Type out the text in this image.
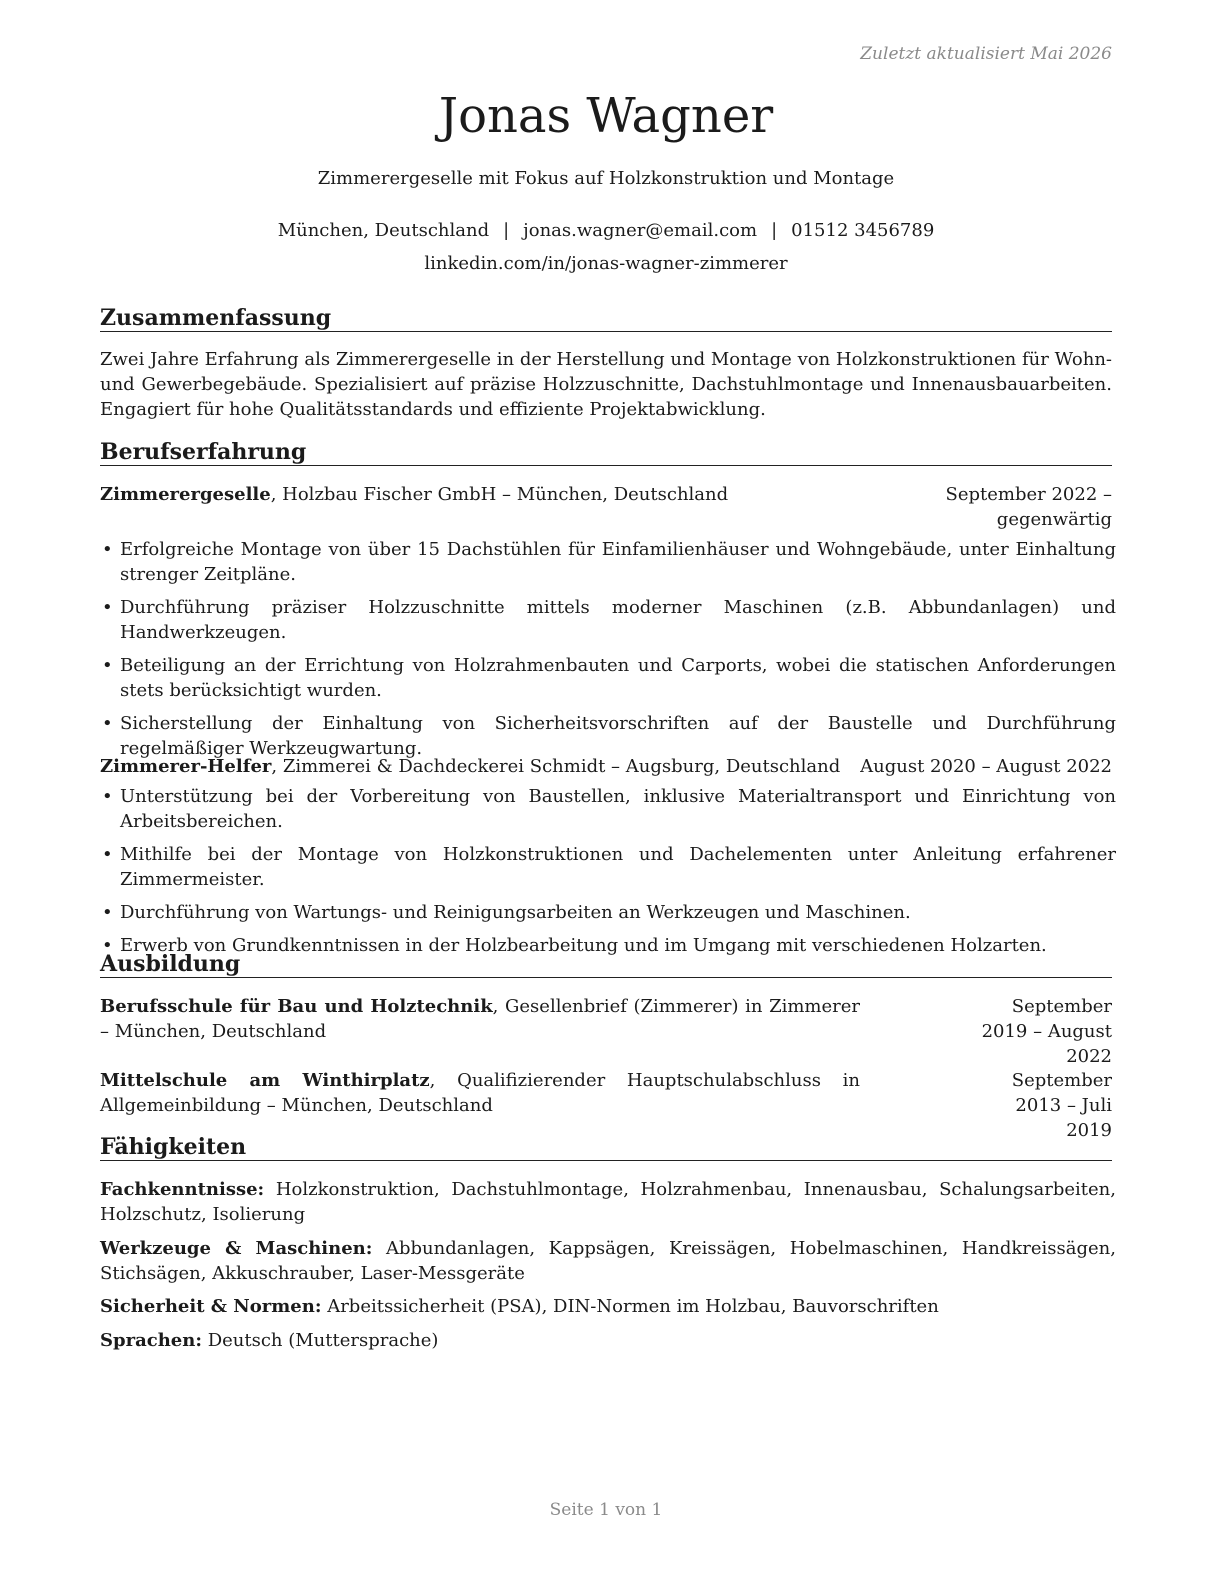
Zuletzt aktualisiert Mai 2026
Jonas Wagner
Zimmerergeselle mit Fokus auf Holzkonstruktion und Montage
München, Deutschland | jonas.wagner@email.com | 01512 3456789
linkedin.com/in/jonas-wagner-zimmerer
Zusammenfassung
Zwei Jahre Erfahrung als Zimmerergeselle in der Herstellung und Montage von Holzkonstruktionen für Wohn- und Gewerbegebäude. Spezialisiert auf präzise Holzzuschnitte, Dachstuhlmontage und Innenausbauarbeiten. Engagiert für hohe Qualitätsstandards und effiziente Projektabwicklung.
Berufserfahrung
Zimmerergeselle, Holzbau Fischer GmbH – München, Deutschland	September 2022 – gegenwärtig
• Erfolgreiche Montage von über 15 Dachstühlen für Einfamilienhäuser und Wohngebäude, unter Einhaltung strenger Zeitpläne.
• Durchführung präziser Holzzuschnitte mittels moderner Maschinen (z.B. Abbundanlagen) und Handwerkzeugen.
• Beteiligung an der Errichtung von Holzrahmenbauten und Carports, wobei die statischen Anforderungen stets berücksichtigt wurden.
• Sicherstellung der Einhaltung von Sicherheitsvorschriften auf der Baustelle und Durchführung regelmäßiger Werkzeugwartung.
Zimmerer-Helfer, Zimmerei & Dachdeckerei Schmidt – Augsburg, Deutschland August 2020 – August 2022
• Unterstützung bei der Vorbereitung von Baustellen, inklusive Materialtransport und Einrichtung von Arbeitsbereichen.
• Mithilfe bei der Montage von Holzkonstruktionen und Dachelementen unter Anleitung erfahrener Zimmermeister.
• Durchführung von Wartungs- und Reinigungsarbeiten an Werkzeugen und Maschinen.
• Erwerb von Grundkenntnissen in der Holzbearbeitung und im Umgang mit verschiedenen Holzarten.
Ausbildung
Berufsschule für Bau und Holztechnik, Gesellenbrief (Zimmerer) in Zimmerer – München, Deutschland
September 2019 – August 2022
Mittelschule am Winthirplatz, Qualifizierender Hauptschulabschluss in Allgemeinbildung – München, Deutschland
September 2013 – Juli 2019
Fähigkeiten
Fachkenntnisse: Holzkonstruktion, Dachstuhlmontage, Holzrahmenbau, Innenausbau, Schalungsarbeiten, Holzschutz, Isolierung
Werkzeuge & Maschinen: Abbundanlagen, Kappsägen, Kreissägen, Hobelmaschinen, Handkreissägen, Stichsägen, Akkuschrauber, Laser-Messgeräte
Sicherheit & Normen: Arbeitssicherheit (PSA), DIN-Normen im Holzbau, Bauvorschriften
Sprachen: Deutsch (Muttersprache)
Seite 1 von 1
